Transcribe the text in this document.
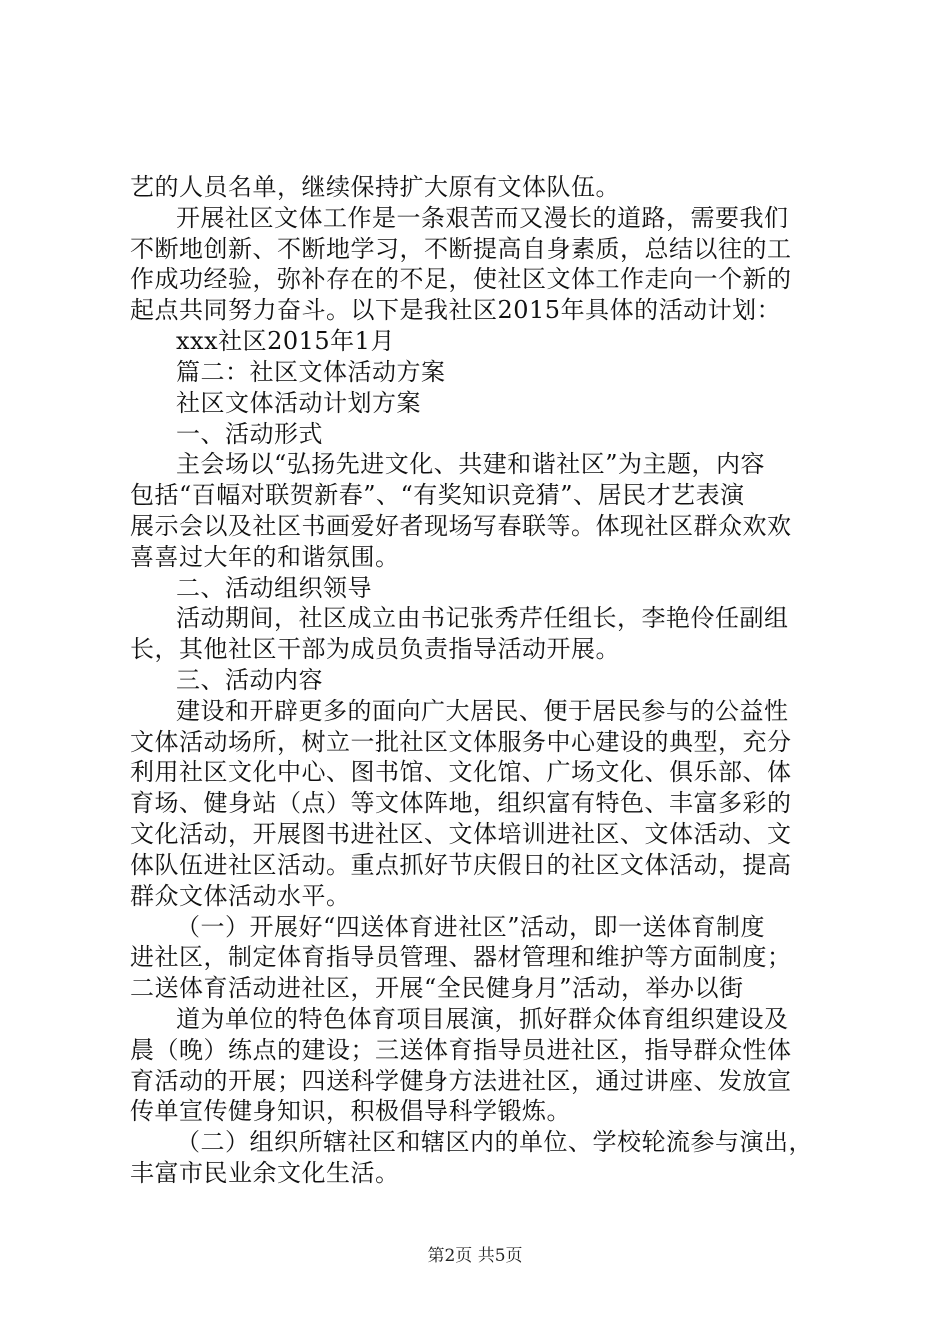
艺的人员名单，继续保持扩大原有文体队伍。
开展社区文体工作是一条艰苦而又漫长的道路，需要我们
不断地创新、不断地学习，不断提高自身素质，总结以往的工
作成功经验，弥补存在的不足，使社区文体工作走向一个新的
起点共同努力奋斗。以下是我社区2015年具体的活动计划：
xxx社区2015年1月
篇二：社区文体活动方案
社区文体活动计划方案
一、活动形式
主会场以“弘扬先进文化、共建和谐社区”为主题，内容
包括“百幅对联贺新春”、“有奖知识竞猜”、居民才艺表演
展示会以及社区书画爱好者现场写春联等。体现社区群众欢欢
喜喜过大年的和谐氛围。
二、活动组织领导
活动期间，社区成立由书记张秀芹任组长，李艳伶任副组
长，其他社区干部为成员负责指导活动开展。
三、活动内容
建设和开辟更多的面向广大居民、便于居民参与的公益性
文体活动场所，树立一批社区文体服务中心建设的典型，充分
利用社区文化中心、图书馆、文化馆、广场文化、俱乐部、体
育场、健身站（点）等文体阵地，组织富有特色、丰富多彩的
文化活动，开展图书进社区、文体培训进社区、文体活动、文
体队伍进社区活动。重点抓好节庆假日的社区文体活动，提高
群众文体活动水平。
（一）开展好“四送体育进社区”活动，即一送体育制度
进社区，制定体育指导员管理、器材管理和维护等方面制度；
二送体育活动进社区，开展“全民健身月”活动，举办以街
道为单位的特色体育项目展演，抓好群众体育组织建设及
晨（晚）练点的建设；三送体育指导员进社区，指导群众性体
育活动的开展；四送科学健身方法进社区，通过讲座、发放宣
传单宣传健身知识，积极倡导科学锻炼。
（二）组织所辖社区和辖区内的单位、学校轮流参与演出，
丰富市民业余文化生活。
第2页 共5页
